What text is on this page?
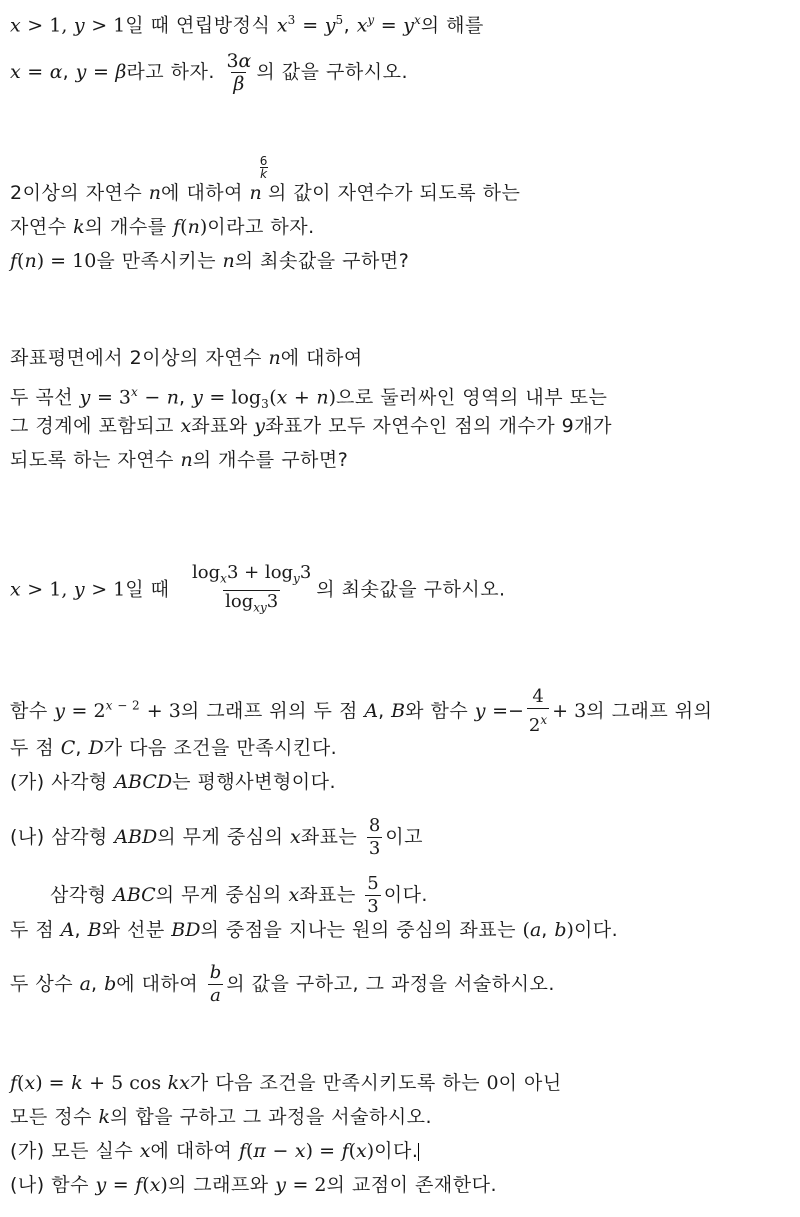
x > 1, y > 1일 때 연립방정식 $x^3 = y^5$, $x^y = y^x$의 해를
x = α, y = β라고 하자. $\frac{3\alpha}{\beta}$ 의 값을 구하시오.
2이상의 자연수 n에 대하여 n
$\frac{6}{k}$
의 값이 자연수가 되도록 하는
자연수 k의 개수를 f(n)이라고 하자.
f(n) = 10을 만족시키는 n의 최솟값을 구하면?
좌표평면에서 2이상의 자연수 n에 대하여
두 곡선 $y = 3^x - n$, $y = \log_3(x + n)$으로 둘러싸인 영역의 내부 또는
그 경계에 포함되고 x좌표와 y좌표가 모두 자연수인 점의 개수가 9개가
되도록 하는 자연수 n의 개수를 구하면?
x > 1, y > 1일 때 $\frac{\log_x3 + \log_y3}{\log_{xy}3}$ 의 최솟값을 구하시오.
함수 $y = 2^{x - 2} + 3$의 그래프 위의 두 점 A, B와 함수 $y =- \frac{4}{2^x} + 3$의 그래프 위의
두 점 C, D가 다음 조건을 만족시킨다.
(가) 사각형 ABCD는 평행사변형이다.
(나) 삼각형 ABD의 무게 중심의 x좌표는 $\frac{8}{3}$ 이고
삼각형 ABC의 무게 중심의 x좌표는 $\frac{5}{3}$ 이다.
두 점 A, B와 선분 BD의 중점을 지나는 원의 중심의 좌표는 (a, b)이다.
두 상수 a, b에 대하여 $\frac{b}{a}$ 의 값을 구하고, 그 과정을 서술하시오.
f(x) = k + 5 cos kx가 다음 조건을 만족시키도록 하는 0이 아닌
모든 정수 k의 합을 구하고 그 과정을 서술하시오.
(가) 모든 실수 x에 대하여 f(π − x) = f(x)이다.
(나) 함수 y = f(x)의 그래프와 y = 2의 교점이 존재한다.
